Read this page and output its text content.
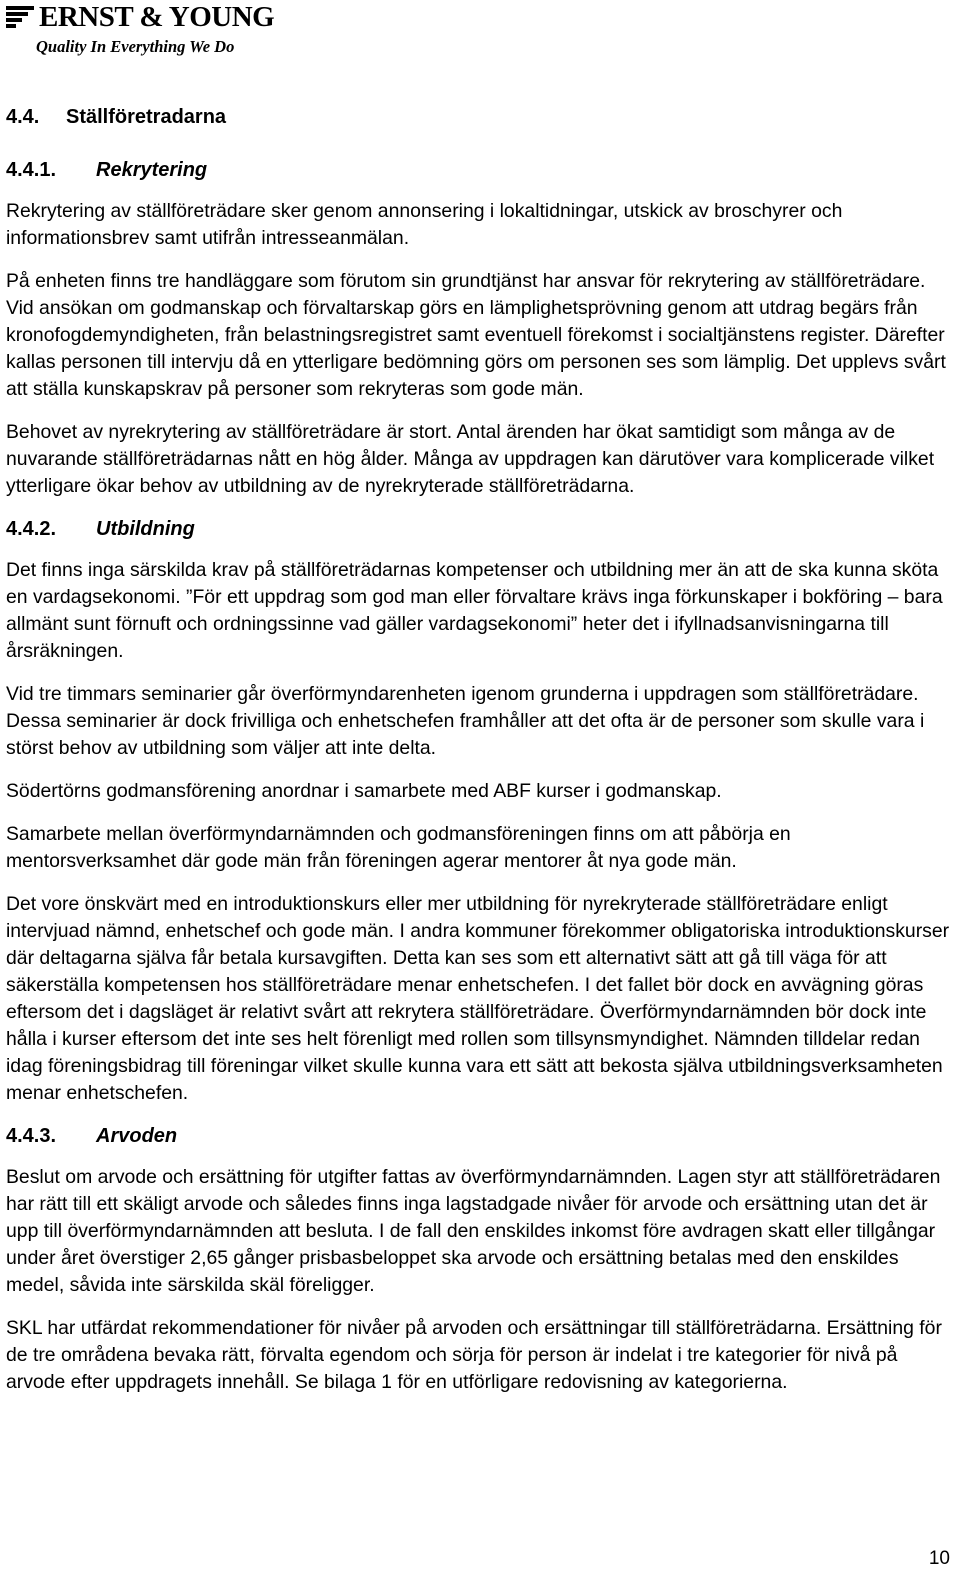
ERNST & YOUNG
Quality In Everything We Do
4.4. Ställföretradarna
4.4.1. Rekrytering

Rekrytering av ställföreträdare sker genom annonsering i lokaltidningar, utskick av broschyrer och informationsbrev samt utifrån intresseanmälan.

På enheten finns tre handläggare som förutom sin grundtjänst har ansvar för rekrytering av ställföreträdare. Vid ansökan om godmanskap och förvaltarskap görs en lämplighetsprövning genom att utdrag begärs från kronofogdemyndigheten, från belastningsregistret samt eventuell förekomst i socialtjänstens register. Därefter kallas personen till intervju då en ytterligare bedömning görs om personen ses som lämplig. Det upplevs svårt att ställa kunskapskrav på personer som rekryteras som gode män.

Behovet av nyrekrytering av ställföreträdare är stort. Antal ärenden har ökat samtidigt som många av de nuvarande ställföreträdarnas nått en hög ålder. Många av uppdragen kan därutöver vara komplicerade vilket ytterligare ökar behov av utbildning av de nyrekryterade ställföreträdarna.

4.4.2. Utbildning

Det finns inga särskilda krav på ställföreträdarnas kompetenser och utbildning mer än att de ska kunna sköta en vardagsekonomi. ”För ett uppdrag som god man eller förvaltare krävs inga förkunskaper i bokföring – bara allmänt sunt förnuft och ordningssinne vad gäller vardagsekonomi” heter det i ifyllnadsanvisningarna till årsräkningen.

Vid tre timmars seminarier går överförmyndarenheten igenom grunderna i uppdragen som ställföreträdare. Dessa seminarier är dock frivilliga och enhetschefen framhåller att det ofta är de personer som skulle vara i störst behov av utbildning som väljer att inte delta.

Södertörns godmansförening anordnar i samarbete med ABF kurser i godmanskap.

Samarbete mellan överförmyndarnämnden och godmansföreningen finns om att påbörja en mentorsverksamhet där gode män från föreningen agerar mentorer åt nya gode män.

Det vore önskvärt med en introduktionskurs eller mer utbildning för nyrekryterade ställföreträdare enligt intervjuad nämnd, enhetschef och gode män. I andra kommuner förekommer obligatoriska introduktionskurser där deltagarna själva får betala kursavgiften. Detta kan ses som ett alternativt sätt att gå till väga för att säkerställa kompetensen hos ställföreträdare menar enhetschefen. I det fallet bör dock en avvägning göras eftersom det i dagsläget är relativt svårt att rekrytera ställföreträdare. Överförmyndarnämnden bör dock inte hålla i kurser eftersom det inte ses helt förenligt med rollen som tillsynsmyndighet. Nämnden tilldelar redan idag föreningsbidrag till föreningar vilket skulle kunna vara ett sätt att bekosta själva utbildningsverksamheten menar enhetschefen.

4.4.3. Arvoden

Beslut om arvode och ersättning för utgifter fattas av överförmyndarnämnden. Lagen styr att ställföreträdaren har rätt till ett skäligt arvode och således finns inga lagstadgade nivåer för arvode och ersättning utan det är upp till överförmyndarnämnden att besluta. I de fall den enskildes inkomst före avdragen skatt eller tillgångar under året överstiger 2,65 gånger prisbasbeloppet ska arvode och ersättning betalas med den enskildes medel, såvida inte särskilda skäl föreligger.

SKL har utfärdat rekommendationer för nivåer på arvoden och ersättningar till ställföreträdarna. Ersättning för de tre områdena bevaka rätt, förvalta egendom och sörja för person är indelat i tre kategorier för nivå på arvode efter uppdragets innehåll. Se bilaga 1 för en utförligare redovisning av kategorierna.

10
